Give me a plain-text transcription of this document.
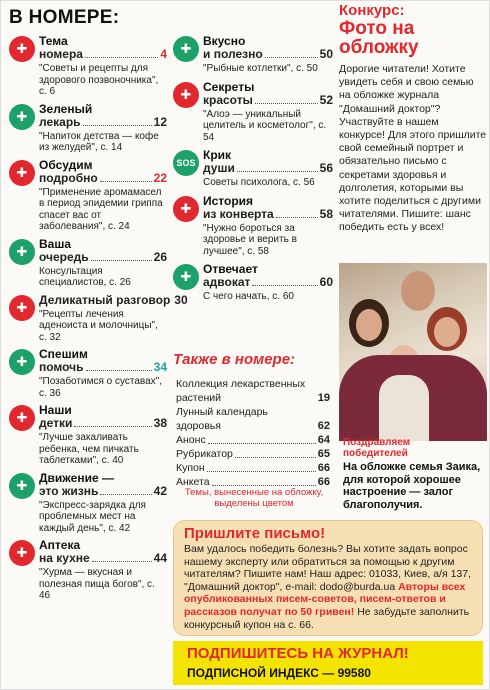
В НОМЕРЕ:
✚ Тема
номера	4
"Советы и рецепты для здорового позвоночника", с. 6
✚ Зеленый
лекарь	12
"Напиток детства — кофе из желудей", с. 14
✚ Обсудим
подробно	22
"Применение аромамасел в период эпидемии гриппа спасет вас от заболевания", с. 24
✚ Ваша
очередь	26
Консультация специалистов, с. 26
✚ Деликатный разговор 30
"Рецепты лечения аденоиста и молочницы", с. 32
✚ Спешим
помочь	34
"Позаботимся о суставах", с. 36
✚ Наши
детки	38
"Лучше закаливать ребенка, чем пичкать таблетками", с. 40
✚ Движение —
это жизнь	42
"Экспресс-зарядка для проблемных мест на каждый день", с. 42
✚ Аптека
на кухне	44
"Хурма — вкусная и полезная пища богов", с. 46
✚ Вкусно
и полезно	50
"Рыбные котлетки", с. 50
✚ Секреты
красоты	52
"Алоэ — уникальный целитель и косметолог", с. 54
SOS
Крик
души	56
Советы психолога, с. 56
✚ История
из конверта	58
"Нужно бороться за здоровье и верить в лучшее", с. 58
✚ Отвечает
адвокат	60
С чего начать, с. 60
Также в номере:
Коллекция лекарственных растений	19
Лунный календарь здоровья	62
Анонс	64
Рубрикатор	65
Купон	66
Анкета	66
Темы, вынесенные на обложку, выделены цветом
Конкурс:
Фото на обложку
Дорогие читатели! Хотите увидеть себя и свою семью на обложке журнала "Домашний доктор"? Участвуйте в нашем конкурсе! Для этого пришлите свой семейный портрет и обязательно письмо с секретами здоровья и долголетия, которыми вы хотите поделиться с другими читателями. Пишите: шанс победить есть у всех!
Поздравляем победителей
На обложке семья Заика, для которой хорошее настроение — залог благополучия.
Пришлите письмо!
Вам удалось победить болезнь? Вы хотите задать вопрос нашему эксперту или обратиться за помощью к другим читателям? Пишите нам! Наш адрес: 01033, Киев, а/я 137, "Домашний доктор", e-mail: dodo@burda.ua Авторы всех опубликованных писем-советов, писем-ответов и рассказов получат по 50 гривен! Не забудьте заполнить конкурсный купон на с. 66.
ПОДПИШИТЕСЬ НА ЖУРНАЛ!
ПОДПИСНОЙ ИНДЕКС — 99580
